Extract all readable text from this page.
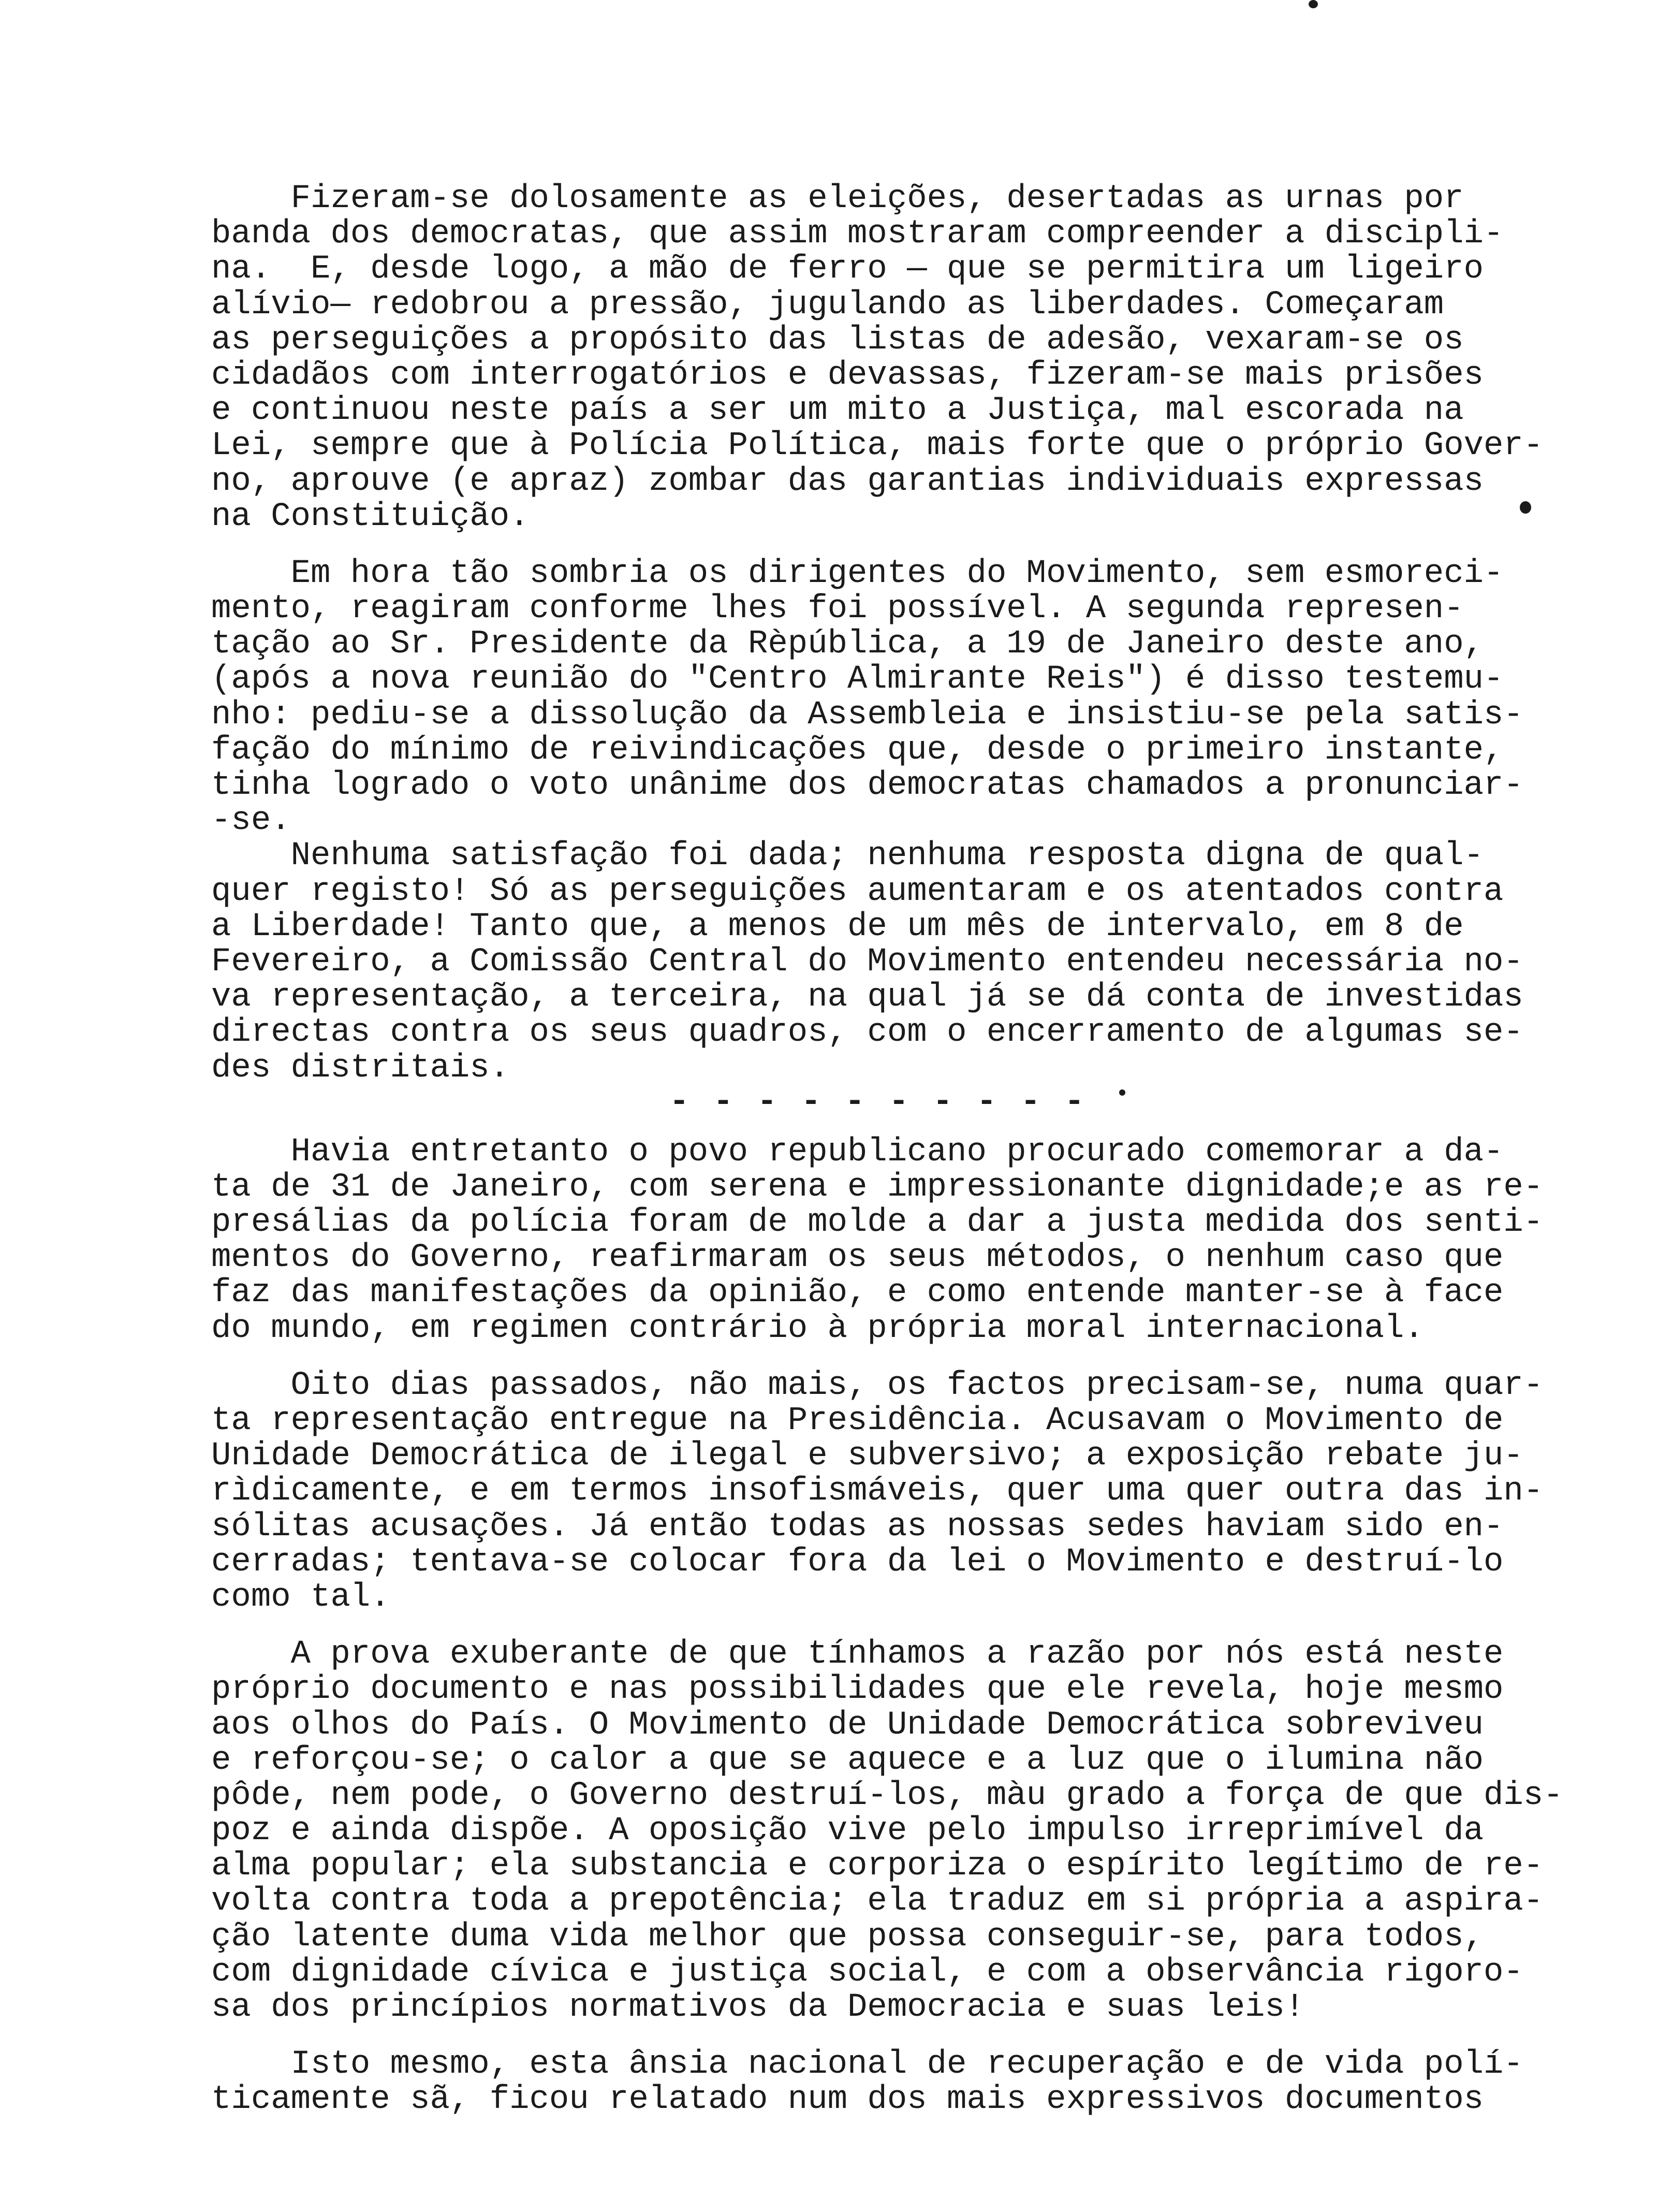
Fizeram-se dolosamente as eleições, desertadas as urnas por
banda dos democratas, que assim mostraram compreender a discipli-
na.  E, desde logo, a mão de ferro — que se permitira um ligeiro
alívio— redobrou a pressão, jugulando as liberdades. Começaram
as perseguições a propósito das listas de adesão, vexaram-se os
cidadãos com interrogatórios e devassas, fizeram-se mais prisões
e continuou neste país a ser um mito a Justiça, mal escorada na
Lei, sempre que à Polícia Política, mais forte que o próprio Gover-
no, aprouve (e apraz) zombar das garantias individuais expressas
na Constituição.
Em hora tão sombria os dirigentes do Movimento, sem esmoreci-
mento, reagiram conforme lhes foi possível. A segunda represen-
tação ao Sr. Presidente da Rèpública, a 19 de Janeiro deste ano,
(após a nova reunião do "Centro Almirante Reis") é disso testemu-
nho: pediu-se a dissolução da Assembleia e insistiu-se pela satis-
fação do mínimo de reivindicações que, desde o primeiro instante,
tinha logrado o voto unânime dos democratas chamados a pronunciar-
-se.
Nenhuma satisfação foi dada; nenhuma resposta digna de qual-
quer registo! Só as perseguições aumentaram e os atentados contra
a Liberdade! Tanto que, a menos de um mês de intervalo, em 8 de
Fevereiro, a Comissão Central do Movimento entendeu necessária no-
va representação, a terceira, na qual já se dá conta de investidas
directas contra os seus quadros, com o encerramento de algumas se-
des distritais.
- - - - - - - - - -
Havia entretanto o povo republicano procurado comemorar a da-
ta de 31 de Janeiro, com serena e impressionante dignidade;e as re-
presálias da polícia foram de molde a dar a justa medida dos senti-
mentos do Governo, reafirmaram os seus métodos, o nenhum caso que
faz das manifestações da opinião, e como entende manter-se à face
do mundo, em regimen contrário à própria moral internacional.
Oito dias passados, não mais, os factos precisam-se, numa quar-
ta representação entregue na Presidência. Acusavam o Movimento de
Unidade Democrática de ilegal e subversivo; a exposição rebate ju-
rìdicamente, e em termos insofismáveis, quer uma quer outra das in-
sólitas acusações. Já então todas as nossas sedes haviam sido en-
cerradas; tentava-se colocar fora da lei o Movimento e destruí-lo
como tal.
A prova exuberante de que tínhamos a razão por nós está neste
próprio documento e nas possibilidades que ele revela, hoje mesmo
aos olhos do País. O Movimento de Unidade Democrática sobreviveu
e reforçou-se; o calor a que se aquece e a luz que o ilumina não
pôde, nem pode, o Governo destruí-los, màu grado a força de que dis-
poz e ainda dispõe. A oposição vive pelo impulso irreprimível da
alma popular; ela substancia e corporiza o espírito legítimo de re-
volta contra toda a prepotência; ela traduz em si própria a aspira-
ção latente duma vida melhor que possa conseguir-se, para todos,
com dignidade cívica e justiça social, e com a observância rigoro-
sa dos princípios normativos da Democracia e suas leis!
Isto mesmo, esta ânsia nacional de recuperação e de vida polí-
ticamente sã, ficou relatado num dos mais expressivos documentos
